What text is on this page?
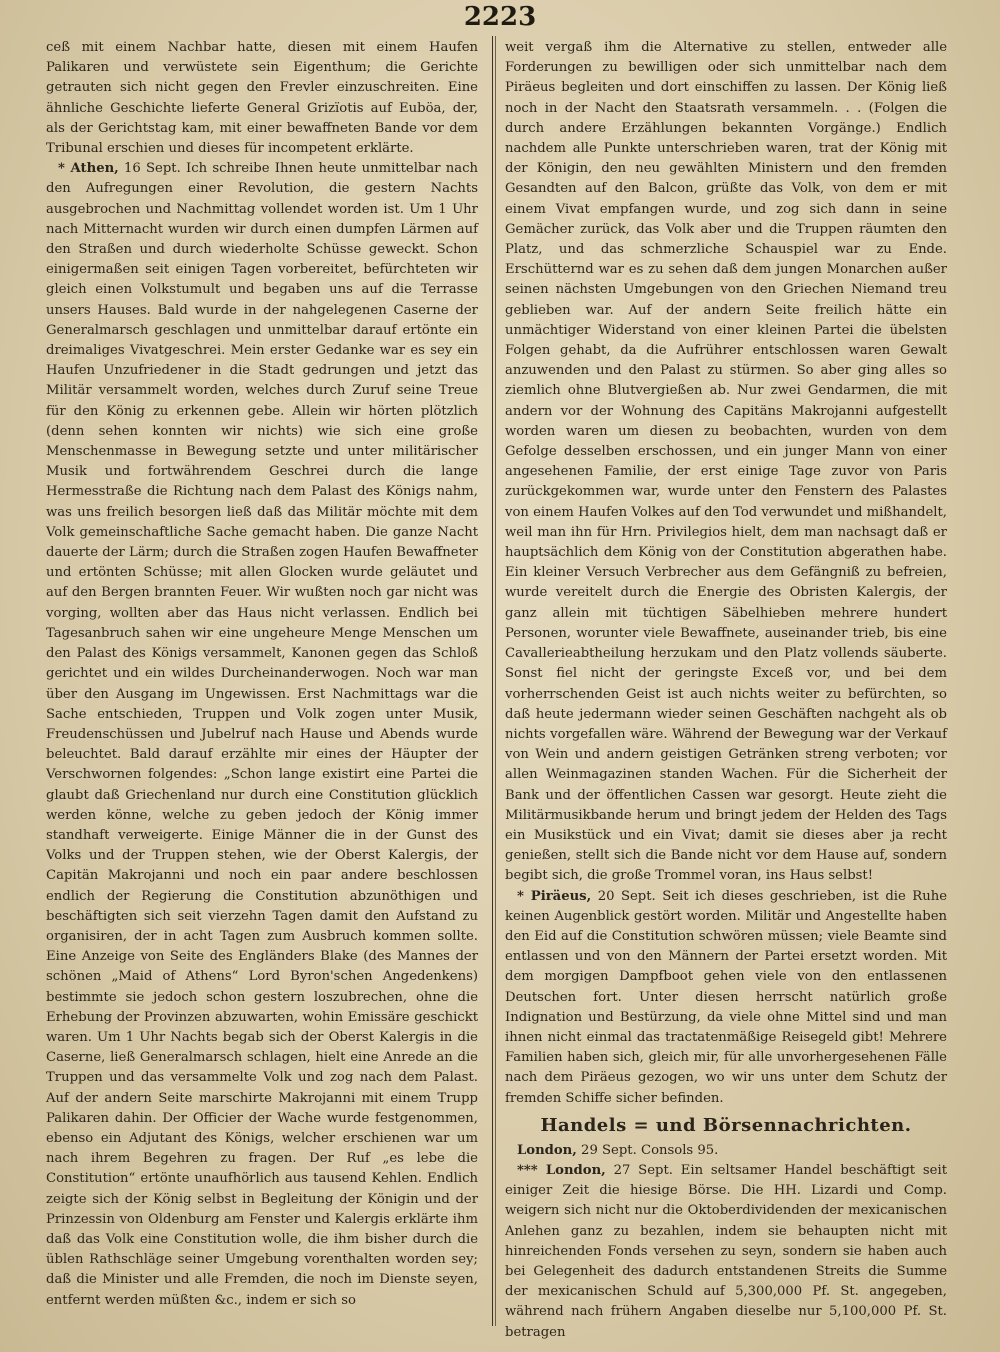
2223

ceß mit einem Nachbar hatte, diesen mit einem Haufen Palikaren und verwüstete sein Eigenthum; die Gerichte getrauten sich nicht gegen den Frevler einzuschreiten. Eine ähnliche Geschichte lieferte General Grizïotis auf Euböa, der, als der Gerichtstag kam, mit einer bewaffneten Bande vor dem Tribunal erschien und dieses für incompetent erklärte.

* Athen, 16 Sept. Ich schreibe Ihnen heute unmittelbar nach den Aufregungen einer Revolution, die gestern Nachts ausgebrochen und Nachmittag vollendet worden ist. Um 1 Uhr nach Mitternacht wurden wir durch einen dumpfen Lärmen auf den Straßen und durch wiederholte Schüsse geweckt. Schon einigermaßen seit einigen Tagen vorbereitet, befürchteten wir gleich einen Volkstumult und begaben uns auf die Terrasse unsers Hauses. Bald wurde in der nahgelegenen Caserne der Generalmarsch geschlagen und unmittelbar darauf ertönte ein dreimaliges Vivatgeschrei. Mein erster Gedanke war es sey ein Haufen Unzufriedener in die Stadt gedrungen und jetzt das Militär versammelt worden, welches durch Zuruf seine Treue für den König zu erkennen gebe. Allein wir hörten plötzlich (denn sehen konnten wir nichts) wie sich eine große Menschenmasse in Bewegung setzte und unter militärischer Musik und fortwährendem Geschrei durch die lange Hermesstraße die Richtung nach dem Palast des Königs nahm, was uns freilich besorgen ließ daß das Militär möchte mit dem Volk gemeinschaftliche Sache gemacht haben. Die ganze Nacht dauerte der Lärm; durch die Straßen zogen Haufen Bewaffneter und ertönten Schüsse; mit allen Glocken wurde geläutet und auf den Bergen brannten Feuer. Wir wußten noch gar nicht was vorging, wollten aber das Haus nicht verlassen. Endlich bei Tagesanbruch sahen wir eine ungeheure Menge Menschen um den Palast des Königs versammelt, Kanonen gegen das Schloß gerichtet und ein wildes Durcheinanderwogen. Noch war man über den Ausgang im Ungewissen. Erst Nachmittags war die Sache entschieden, Truppen und Volk zogen unter Musik, Freudenschüssen und Jubelruf nach Hause und Abends wurde beleuchtet. Bald darauf erzählte mir eines der Häupter der Verschwornen folgendes: „Schon lange existirt eine Partei die glaubt daß Griechenland nur durch eine Constitution glücklich werden könne, welche zu geben jedoch der König immer standhaft verweigerte. Einige Männer die in der Gunst des Volks und der Truppen stehen, wie der Oberst Kalergis, der Capitän Makrojanni und noch ein paar andere beschlossen endlich der Regierung die Constitution abzunöthigen und beschäftigten sich seit vierzehn Tagen damit den Aufstand zu organisiren, der in acht Tagen zum Ausbruch kommen sollte. Eine Anzeige von Seite des Engländers Blake (des Mannes der schönen „Maid of Athens“ Lord Byron'schen Angedenkens) bestimmte sie jedoch schon gestern loszubrechen, ohne die Erhebung der Provinzen abzuwarten, wohin Emissäre geschickt waren. Um 1 Uhr Nachts begab sich der Oberst Kalergis in die Caserne, ließ Generalmarsch schlagen, hielt eine Anrede an die Truppen und das versammelte Volk und zog nach dem Palast. Auf der andern Seite marschirte Makrojanni mit einem Trupp Palikaren dahin. Der Officier der Wache wurde festgenommen, ebenso ein Adjutant des Königs, welcher erschienen war um nach ihrem Begehren zu fragen. Der Ruf „es lebe die Constitution“ ertönte unaufhörlich aus tausend Kehlen. Endlich zeigte sich der König selbst in Begleitung der Königin und der Prinzessin von Oldenburg am Fenster und Kalergis erklärte ihm daß das Volk eine Constitution wolle, die ihm bisher durch die üblen Rathschläge seiner Umgebung vorenthalten worden sey; daß die Minister und alle Fremden, die noch im Dienste seyen, entfernt werden müßten &c., indem er sich so

weit vergaß ihm die Alternative zu stellen, entweder alle Forderungen zu bewilligen oder sich unmittelbar nach dem Piräeus begleiten und dort einschiffen zu lassen. Der König ließ noch in der Nacht den Staatsrath versammeln. . . (Folgen die durch andere Erzählungen bekannten Vorgänge.) Endlich nachdem alle Punkte unterschrieben waren, trat der König mit der Königin, den neu gewählten Ministern und den fremden Gesandten auf den Balcon, grüßte das Volk, von dem er mit einem Vivat empfangen wurde, und zog sich dann in seine Gemächer zurück, das Volk aber und die Truppen räumten den Platz, und das schmerzliche Schauspiel war zu Ende. Erschütternd war es zu sehen daß dem jungen Monarchen außer seinen nächsten Umgebungen von den Griechen Niemand treu geblieben war. Auf der andern Seite freilich hätte ein unmächtiger Widerstand von einer kleinen Partei die übelsten Folgen gehabt, da die Aufrührer entschlossen waren Gewalt anzuwenden und den Palast zu stürmen. So aber ging alles so ziemlich ohne Blutvergießen ab. Nur zwei Gendarmen, die mit andern vor der Wohnung des Capitäns Makrojanni aufgestellt worden waren um diesen zu beobachten, wurden von dem Gefolge desselben erschossen, und ein junger Mann von einer angesehenen Familie, der erst einige Tage zuvor von Paris zurückgekommen war, wurde unter den Fenstern des Palastes von einem Haufen Volkes auf den Tod verwundet und mißhandelt, weil man ihn für Hrn. Privilegios hielt, dem man nachsagt daß er hauptsächlich dem König von der Constitution abgerathen habe. Ein kleiner Versuch Verbrecher aus dem Gefängniß zu befreien, wurde vereitelt durch die Energie des Obristen Kalergis, der ganz allein mit tüchtigen Säbelhieben mehrere hundert Personen, worunter viele Bewaffnete, auseinander trieb, bis eine Cavallerieabtheilung herzukam und den Platz vollends säuberte. Sonst fiel nicht der geringste Exceß vor, und bei dem vorherrschenden Geist ist auch nichts weiter zu befürchten, so daß heute jedermann wieder seinen Geschäften nachgeht als ob nichts vorgefallen wäre. Während der Bewegung war der Verkauf von Wein und andern geistigen Getränken streng verboten; vor allen Weinmagazinen standen Wachen. Für die Sicherheit der Bank und der öffentlichen Cassen war gesorgt. Heute zieht die Militärmusikbande herum und bringt jedem der Helden des Tags ein Musikstück und ein Vivat; damit sie dieses aber ja recht genießen, stellt sich die Bande nicht vor dem Hause auf, sondern begibt sich, die große Trommel voran, ins Haus selbst!

* Piräeus, 20 Sept. Seit ich dieses geschrieben, ist die Ruhe keinen Augenblick gestört worden. Militär und Angestellte haben den Eid auf die Constitution schwören müssen; viele Beamte sind entlassen und von den Männern der Partei ersetzt worden. Mit dem morgigen Dampfboot gehen viele von den entlassenen Deutschen fort. Unter diesen herrscht natürlich große Indignation und Bestürzung, da viele ohne Mittel sind und man ihnen nicht einmal das tractatenmäßige Reisegeld gibt! Mehrere Familien haben sich, gleich mir, für alle unvorhergesehenen Fälle nach dem Piräeus gezogen, wo wir uns unter dem Schutz der fremden Schiffe sicher befinden.

Handels = und Börsennachrichten.

London, 29 Sept. Consols 95.

*** London, 27 Sept. Ein seltsamer Handel beschäftigt seit einiger Zeit die hiesige Börse. Die HH. Lizardi und Comp. weigern sich nicht nur die Oktoberdividenden der mexicanischen Anlehen ganz zu bezahlen, indem sie behaupten nicht mit hinreichenden Fonds versehen zu seyn, sondern sie haben auch bei Gelegenheit des dadurch entstandenen Streits die Summe der mexicanischen Schuld auf 5,300,000 Pf. St. angegeben, während nach frühern Angaben dieselbe nur 5,100,000 Pf. St. betragen
